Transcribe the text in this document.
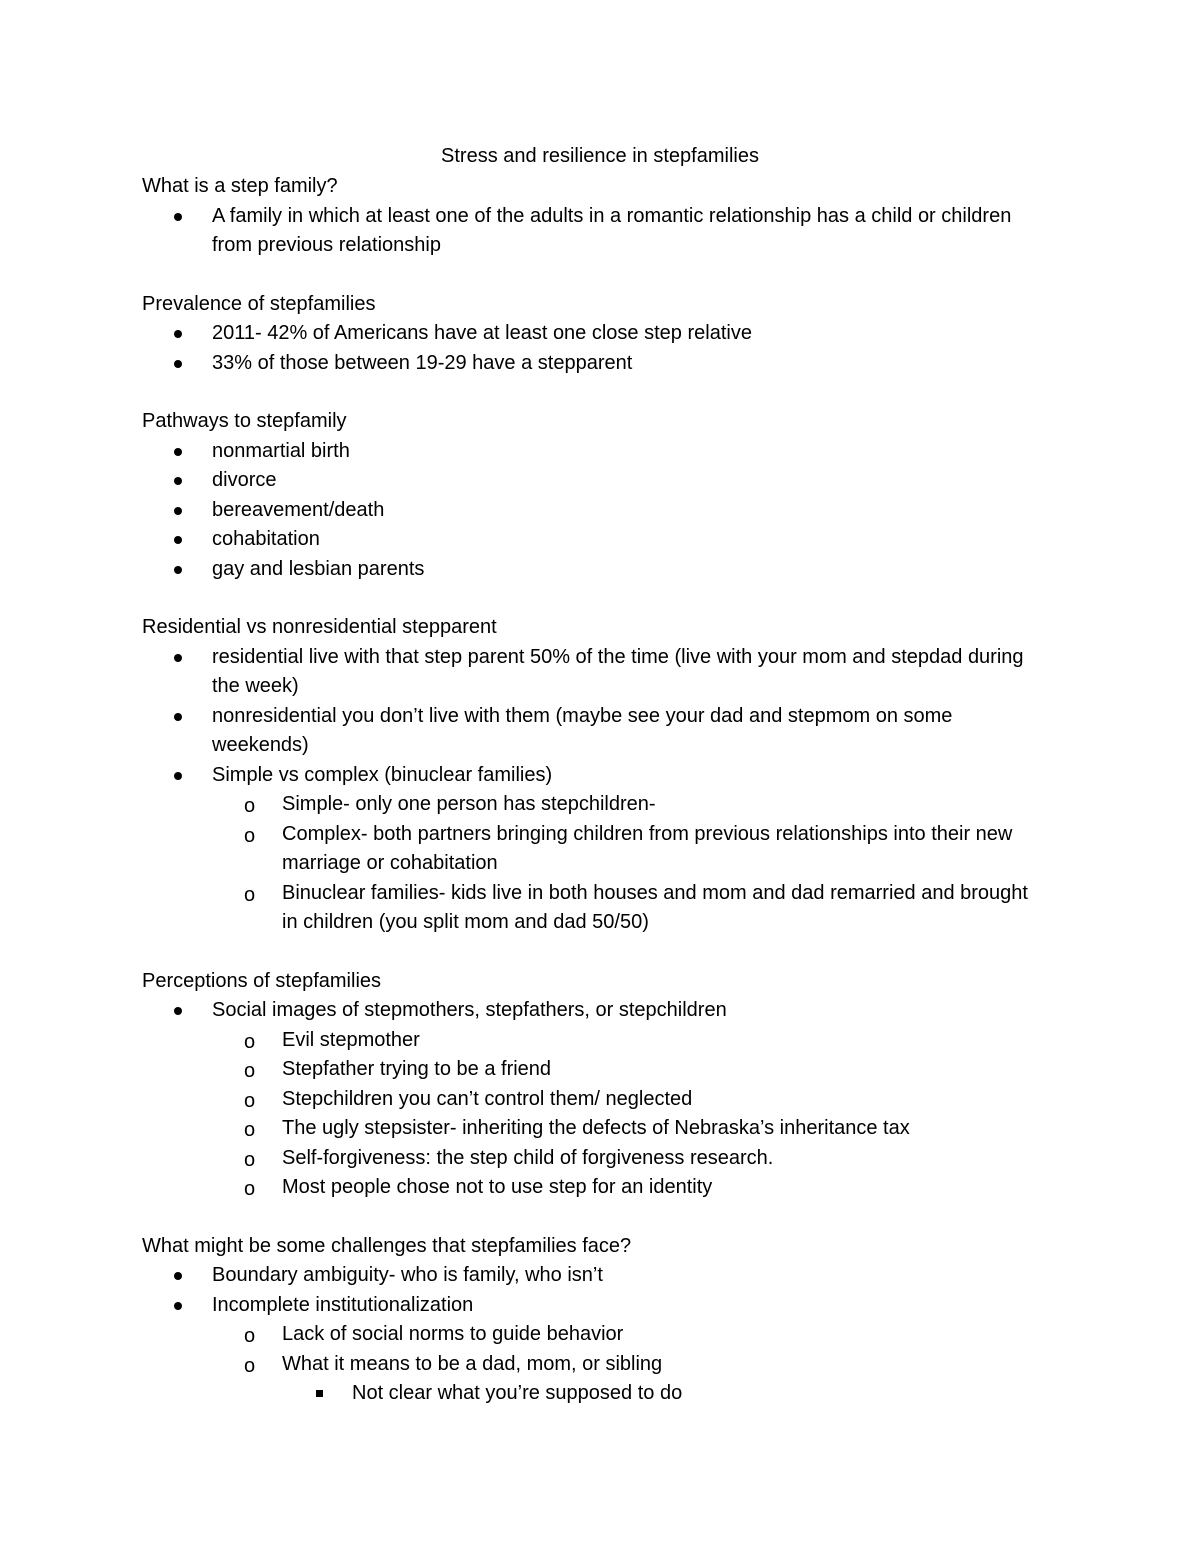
Stress and resilience in stepfamilies

What is a step family?

A family in which at least one of the adults in a romantic relationship has a child or children from previous relationship

Prevalence of stepfamilies

2011- 42% of Americans have at least one close step relative
33% of those between 19-29 have a stepparent

Pathways to stepfamily

nonmartial birth
divorce
bereavement/death
cohabitation
gay and lesbian parents

Residential vs nonresidential stepparent

residential live with that step parent 50% of the time (live with your mom and stepdad during the week)
nonresidential you don’t live with them (maybe see your dad and stepmom on some weekends)
Simple vs complex (binuclear families)
o Simple- only one person has stepchildren-
o Complex- both partners bringing children from previous relationships into their new marriage or cohabitation
o Binuclear families- kids live in both houses and mom and dad remarried and brought in children (you split mom and dad 50/50)

Perceptions of stepfamilies

Social images of stepmothers, stepfathers, or stepchildren
o Evil stepmother
o Stepfather trying to be a friend
o Stepchildren you can’t control them/ neglected
o The ugly stepsister- inheriting the defects of Nebraska’s inheritance tax
o Self-forgiveness: the step child of forgiveness research.
o Most people chose not to use step for an identity

What might be some challenges that stepfamilies face?

Boundary ambiguity- who is family, who isn’t
Incomplete institutionalization
o Lack of social norms to guide behavior
o What it means to be a dad, mom, or sibling
Not clear what you’re supposed to do
